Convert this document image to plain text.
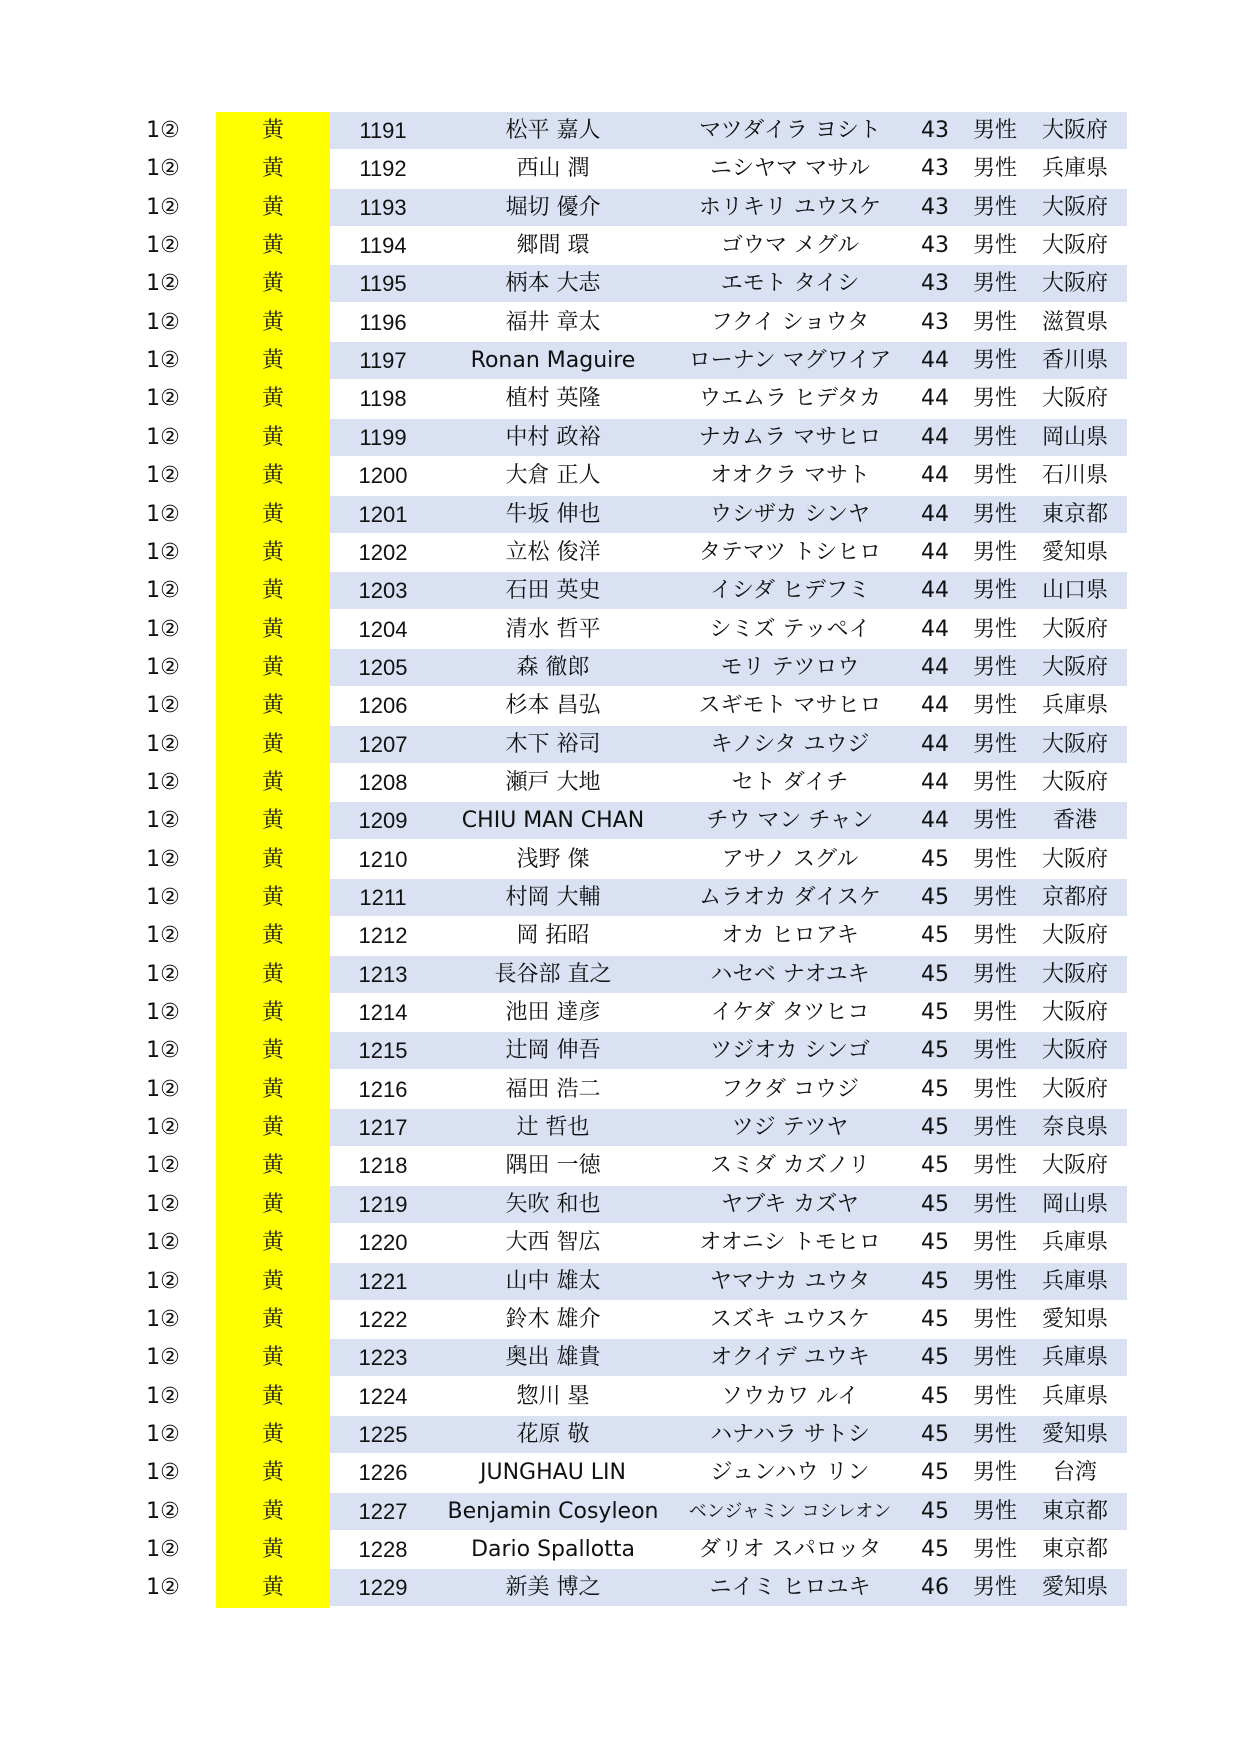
1②	黄	1191	松平 嘉人	マツダイラ ヨシト	43	男性	大阪府
1②	黄	1192	西山 潤	ニシヤマ マサル	43	男性	兵庫県
1②	黄	1193	堀切 優介	ホリキリ ユウスケ	43	男性	大阪府
1②	黄	1194	郷間 環	ゴウマ メグル	43	男性	大阪府
1②	黄	1195	柄本 大志	エモト タイシ	43	男性	大阪府
1②	黄	1196	福井 章太	フクイ ショウタ	43	男性	滋賀県
1②	黄	1197	Ronan Maguire	ローナン マグワイア	44	男性	香川県
1②	黄	1198	植村 英隆	ウエムラ ヒデタカ	44	男性	大阪府
1②	黄	1199	中村 政裕	ナカムラ マサヒロ	44	男性	岡山県
1②	黄	1200	大倉 正人	オオクラ マサト	44	男性	石川県
1②	黄	1201	牛坂 伸也	ウシザカ シンヤ	44	男性	東京都
1②	黄	1202	立松 俊洋	タテマツ トシヒロ	44	男性	愛知県
1②	黄	1203	石田 英史	イシダ ヒデフミ	44	男性	山口県
1②	黄	1204	清水 哲平	シミズ テッペイ	44	男性	大阪府
1②	黄	1205	森 徹郎	モリ テツロウ	44	男性	大阪府
1②	黄	1206	杉本 昌弘	スギモト マサヒロ	44	男性	兵庫県
1②	黄	1207	木下 裕司	キノシタ ユウジ	44	男性	大阪府
1②	黄	1208	瀬戸 大地	セト ダイチ	44	男性	大阪府
1②	黄	1209	CHIU MAN CHAN	チウ マン チャン	44	男性	香港
1②	黄	1210	浅野 傑	アサノ スグル	45	男性	大阪府
1②	黄	1211	村岡 大輔	ムラオカ ダイスケ	45	男性	京都府
1②	黄	1212	岡 拓昭	オカ ヒロアキ	45	男性	大阪府
1②	黄	1213	長谷部 直之	ハセベ ナオユキ	45	男性	大阪府
1②	黄	1214	池田 達彦	イケダ タツヒコ	45	男性	大阪府
1②	黄	1215	辻岡 伸吾	ツジオカ シンゴ	45	男性	大阪府
1②	黄	1216	福田 浩二	フクダ コウジ	45	男性	大阪府
1②	黄	1217	辻 哲也	ツジ テツヤ	45	男性	奈良県
1②	黄	1218	隅田 一徳	スミダ カズノリ	45	男性	大阪府
1②	黄	1219	矢吹 和也	ヤブキ カズヤ	45	男性	岡山県
1②	黄	1220	大西 智広	オオニシ トモヒロ	45	男性	兵庫県
1②	黄	1221	山中 雄太	ヤマナカ ユウタ	45	男性	兵庫県
1②	黄	1222	鈴木 雄介	スズキ ユウスケ	45	男性	愛知県
1②	黄	1223	奥出 雄貴	オクイデ ユウキ	45	男性	兵庫県
1②	黄	1224	惣川 塁	ソウカワ ルイ	45	男性	兵庫県
1②	黄	1225	花原 敬	ハナハラ サトシ	45	男性	愛知県
1②	黄	1226	JUNGHAU LIN	ジュンハウ リン	45	男性	台湾
1②	黄	1227	Benjamin Cosyleon	ベンジャミン コシレオン	45	男性	東京都
1②	黄	1228	Dario Spallotta	ダリオ スパロッタ	45	男性	東京都
1②	黄	1229	新美 博之	ニイミ ヒロユキ	46	男性	愛知県
